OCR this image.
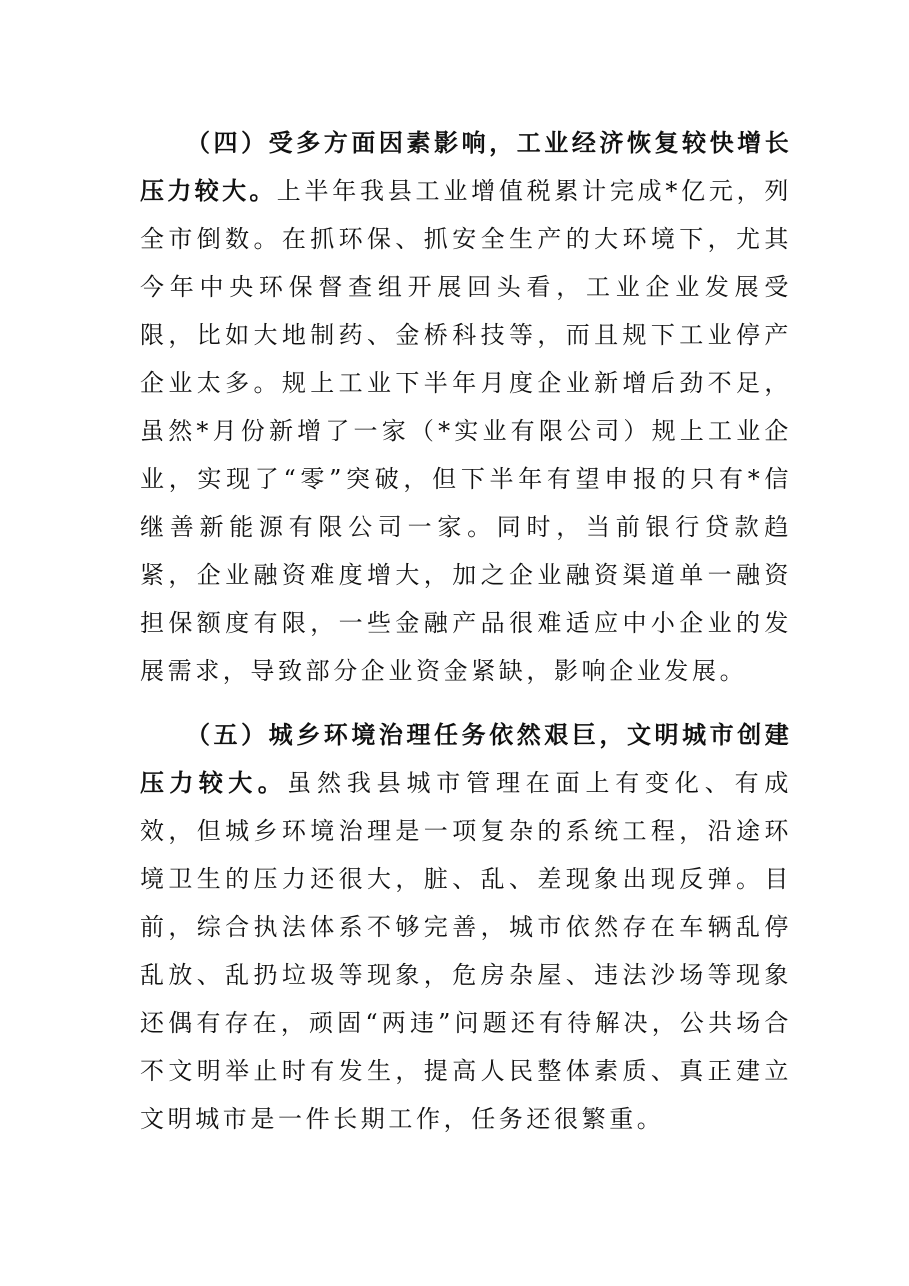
（四）受多方面因素影响，工业经济恢复较快增长压力较大。上半年我县工业增值税累计完成*亿元，列全市倒数。在抓环保、抓安全生产的大环境下，尤其今年中央环保督查组开展回头看，工业企业发展受限，比如大地制药、金桥科技等，而且规下工业停产企业太多。规上工业下半年月度企业新增后劲不足，虽然*月份新增了一家（*实业有限公司）规上工业企业，实现了“零”突破，但下半年有望申报的只有*信继善新能源有限公司一家。同时，当前银行贷款趋紧，企业融资难度增大，加之企业融资渠道单一融资担保额度有限，一些金融产品很难适应中小企业的发展需求，导致部分企业资金紧缺，影响企业发展。

（五）城乡环境治理任务依然艰巨，文明城市创建压力较大。虽然我县城市管理在面上有变化、有成效，但城乡环境治理是一项复杂的系统工程，沿途环境卫生的压力还很大，脏、乱、差现象出现反弹。目前，综合执法体系不够完善，城市依然存在车辆乱停乱放、乱扔垃圾等现象，危房杂屋、违法沙场等现象还偶有存在，顽固“两违”问题还有待解决，公共场合不文明举止时有发生，提高人民整体素质、真正建立文明城市是一件长期工作，任务还很繁重。
